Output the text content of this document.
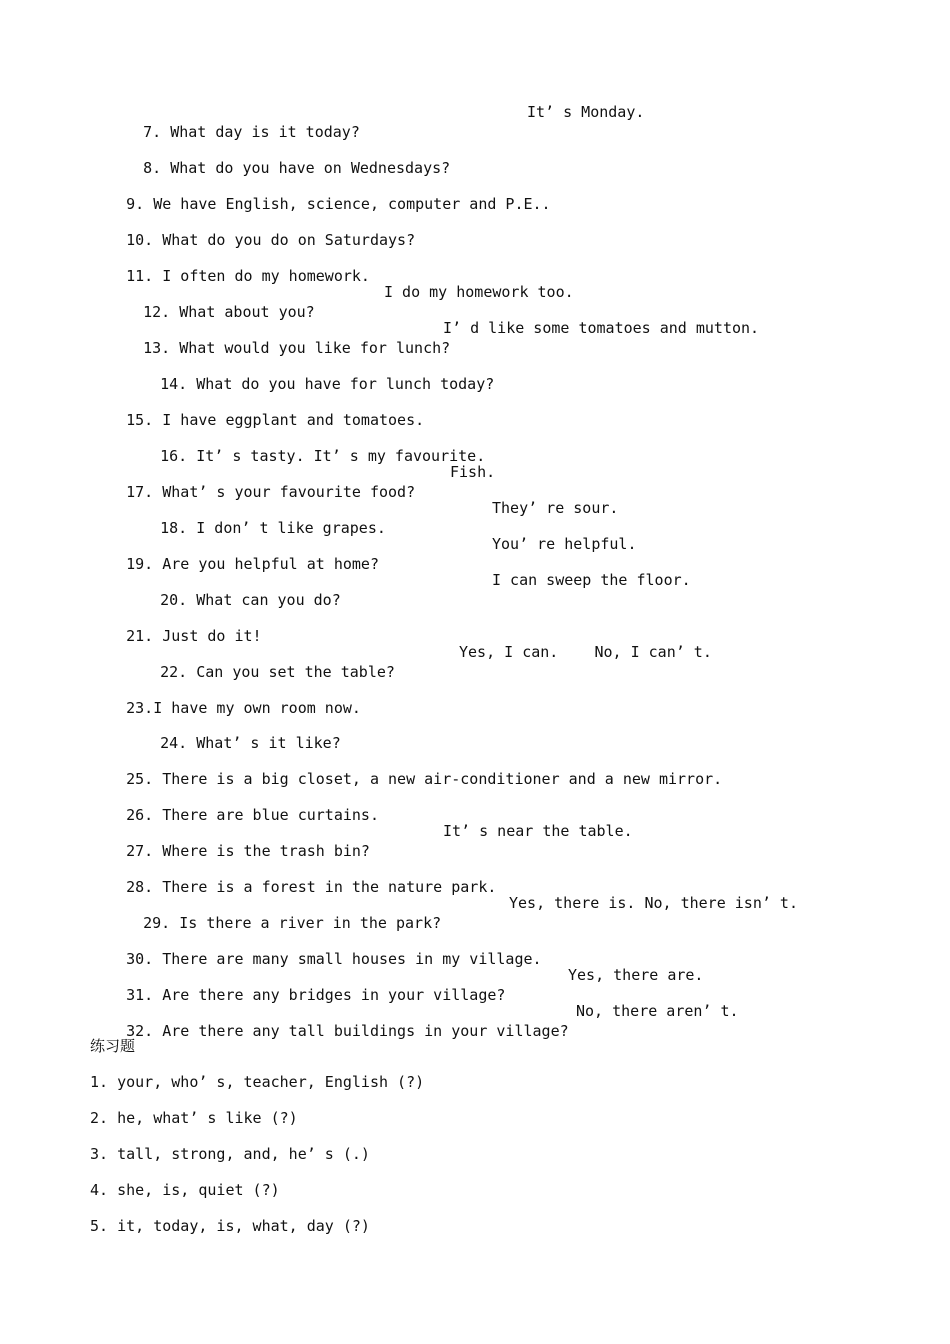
7. What day is it today?

It’ s Monday.

8. What do you have on Wednesdays?

9. We have English, science, computer and P.E..

10. What do you do on Saturdays?

11. I often do my homework.

12. What about you?

I do my homework too.

13. What would you like for lunch?

I’ d like some tomatoes and mutton.

14. What do you have for lunch today?

15. I have eggplant and tomatoes.

16. It’ s tasty. It’ s my favourite.

17. What’ s your favourite food?

Fish.

18. I don’ t like grapes.

They’ re sour.

19. Are you helpful at home?

You’ re helpful.

20. What can you do?

I can sweep the floor.

21. Just do it!

22. Can you set the table?

Yes, I can.    No, I can’ t.

23.I have my own room now.

24. What’ s it like?

25. There is a big closet, a new air-conditioner and a new mirror.

26. There are blue curtains.

27. Where is the trash bin?

It’ s near the table.

28. There is a forest in the nature park.

29. Is there a river in the park?

Yes, there is. No, there isn’ t.

30. There are many small houses in my village.

31. Are there any bridges in your village?

Yes, there are.

32. Are there any tall buildings in your village?

No, there aren’ t.

练习题
1. your, who’ s, teacher, English (?)
2. he, what’ s like (?)
3. tall, strong, and, he’ s (.)
4. she, is, quiet (?)
5. it, today, is, what, day (?)
